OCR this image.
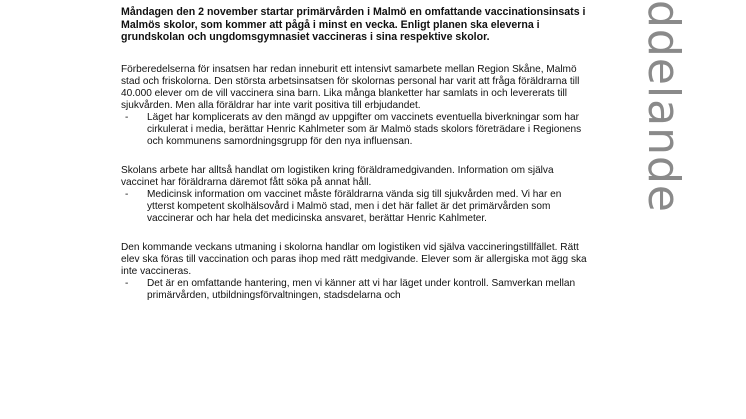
Måndagen den 2 november startar primärvården i Malmö en omfattande vaccinationsinsats i Malmös skolor, som kommer att pågå i minst en vecka. Enligt planen ska eleverna i grundskolan och ungdomsgymnasiet vaccineras i sina respektive skolor.

Förberedelserna för insatsen har redan inneburit ett intensivt samarbete mellan Region Skåne, Malmö stad och friskolorna. Den största arbetsinsatsen för skolornas personal har varit att fråga föräldrarna till 40.000 elever om de vill vaccinera sina barn. Lika många blanketter har samlats in och levererats till sjukvården. Men alla föräldrar har inte varit positiva till erbjudandet.

- Läget har komplicerats av den mängd av uppgifter om vaccinets eventuella biverkningar som har cirkulerat i media, berättar Henric Kahlmeter som är Malmö stads skolors företrädare i Regionens och kommunens samordningsgrupp för den nya influensan.

Skolans arbete har alltså handlat om logistiken kring föräldramedgivanden. Information om själva vaccinet har föräldrarna däremot fått söka på annat håll.

- Medicinsk information om vaccinet måste föräldrarna vända sig till sjukvården med. Vi har en ytterst kompetent skolhälsovård i Malmö stad, men i det här fallet är det primärvården som vaccinerar och har hela det medicinska ansvaret, berättar Henric Kahlmeter.

Den kommande veckans utmaning i skolorna handlar om logistiken vid själva vaccineringstillfället. Rätt elev ska föras till vaccination och paras ihop med rätt medgivande. Elever som är allergiska mot ägg ska inte vaccineras.

- Det är en omfattande hantering, men vi känner att vi har läget under kontroll. Samverkan mellan primärvården, utbildningsförvaltningen, stadsdelarna och
ddelande
